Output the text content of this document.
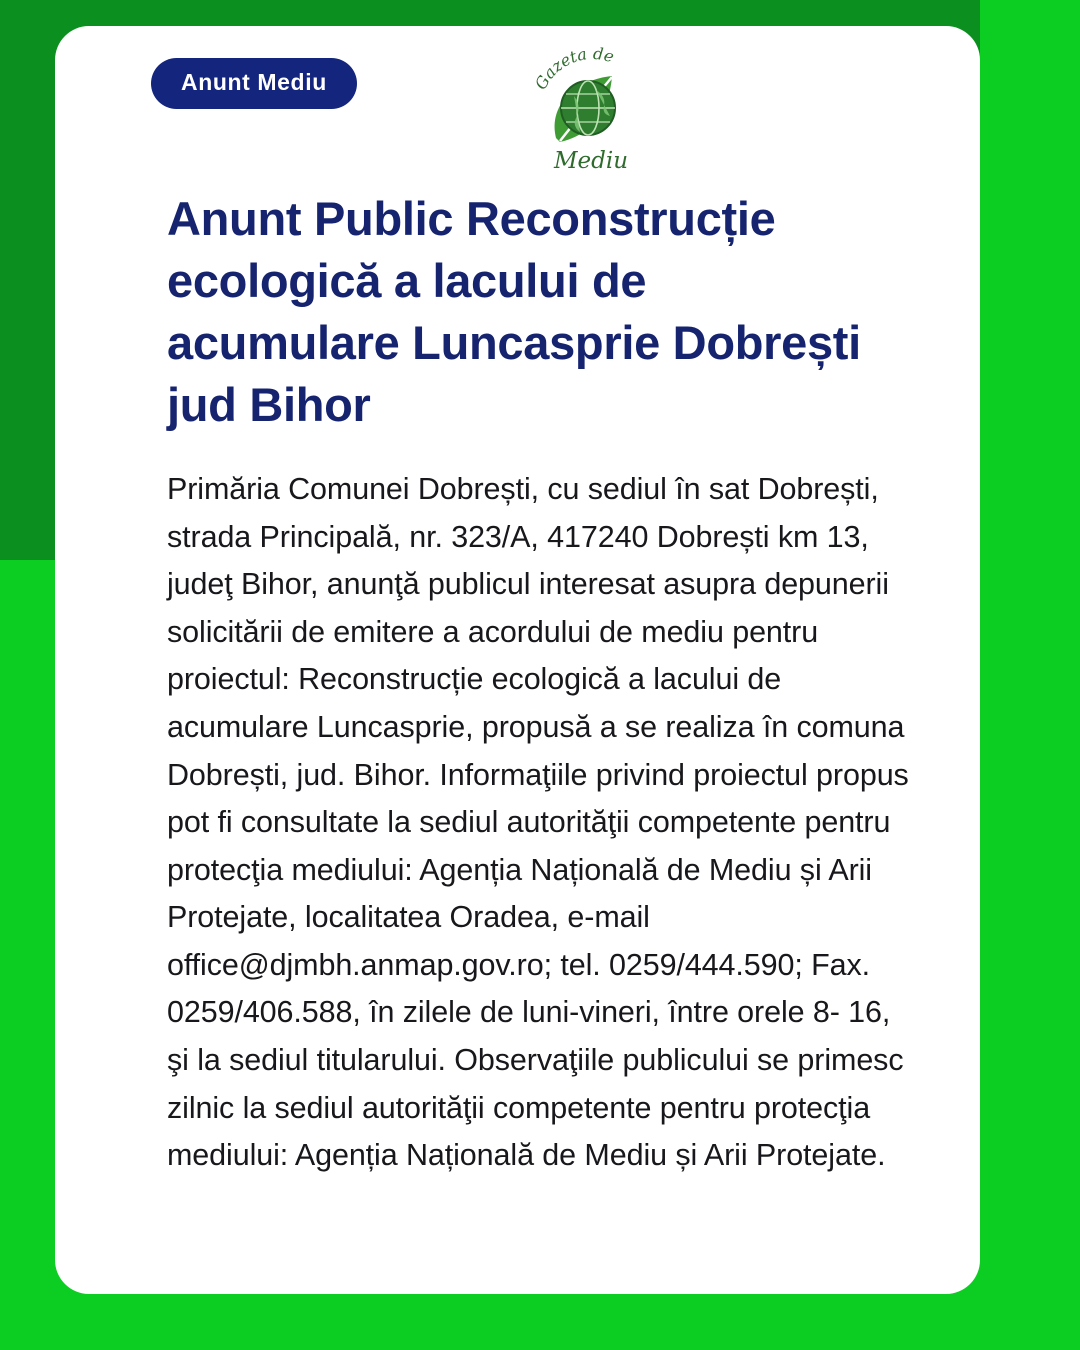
Anunt Mediu	Gazeta de
Mediu
Anunt Public Reconstrucție ecologică a lacului de acumulare Luncasprie Dobrești jud Bihor

Primăria Comunei Dobrești, cu sediul în sat Dobrești, strada Principală, nr. 323/A, 417240 Dobrești km 13, judeţ Bihor, anunţă publicul interesat asupra depunerii solicitării de emitere a acordului de mediu pentru proiectul: Reconstrucție ecologică a lacului de acumulare Luncasprie, propusă a se realiza în comuna Dobrești, jud. Bihor. Informaţiile privind proiectul propus pot fi consultate la sediul autorităţii competente pentru protecţia mediului: Agenția Națională de Mediu și Arii Protejate, localitatea Oradea, e-mail office@djmbh.anmap.gov.ro; tel. 0259/444.590; Fax. 0259/406.588, în zilele de luni-vineri, între orele 8- 16, şi la sediul titularului. Observaţiile publicului se primesc zilnic la sediul autorităţii competente pentru protecţia mediului: Agenția Națională de Mediu și Arii Protejate.
